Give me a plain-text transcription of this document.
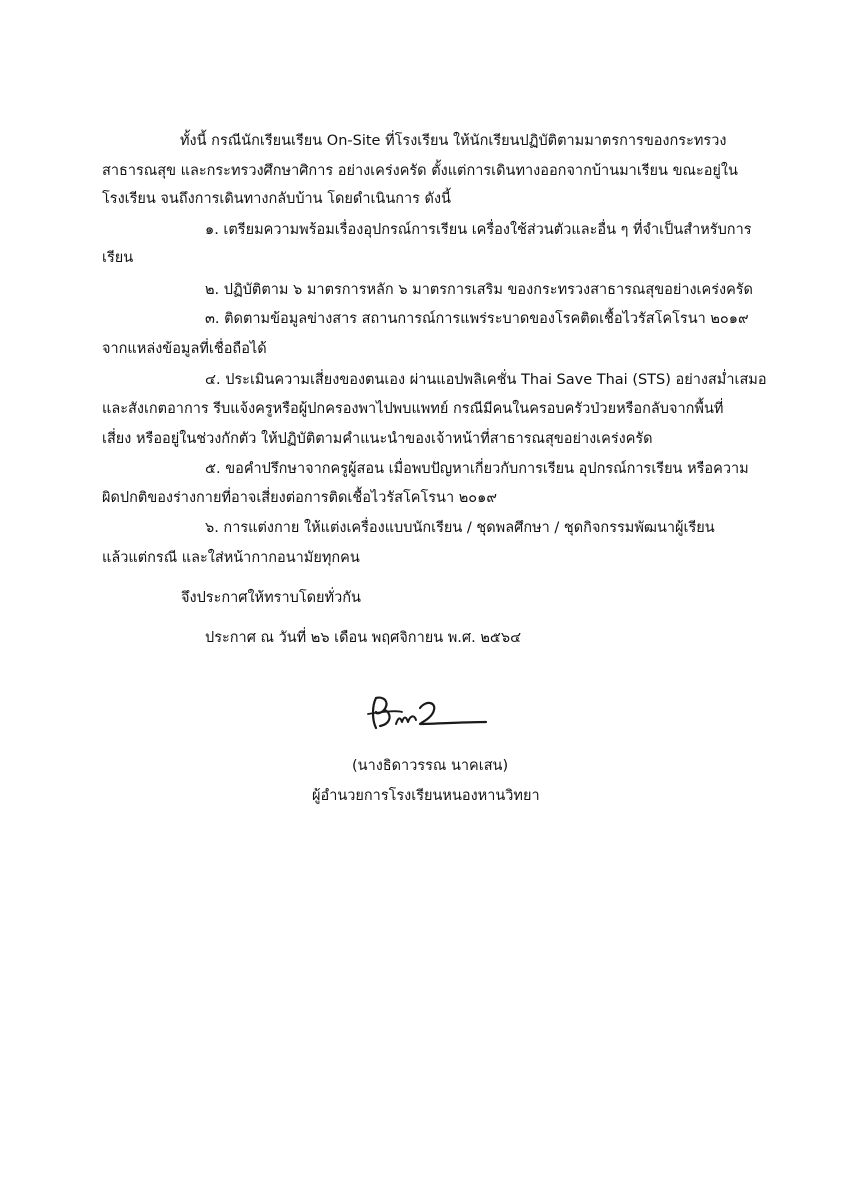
ทั้งนี้ กรณีนักเรียนเรียน On-Site ที่โรงเรียน ให้นักเรียนปฏิบัติตามมาตรการของกระทรวง
สาธารณสุข และกระทรวงศึกษาศิการ อย่างเคร่งครัด ตั้งแต่การเดินทางออกจากบ้านมาเรียน ขณะอยู่ใน
โรงเรียน จนถึงการเดินทางกลับบ้าน โดยดำเนินการ ดังนี้
๑. เตรียมความพร้อมเรื่องอุปกรณ์การเรียน เครื่องใช้ส่วนตัวและอื่น ๆ ที่จำเป็นสำหรับการ
เรียน
๒. ปฏิบัติตาม ๖ มาตรการหลัก ๖ มาตรการเสริม ของกระทรวงสาธารณสุขอย่างเคร่งครัด
๓. ติดตามข้อมูลข่างสาร สถานการณ์การแพร่ระบาดของโรคติดเชื้อไวรัสโคโรนา ๒๐๑๙
จากแหล่งข้อมูลที่เชื่อถือได้
๔. ประเมินความเสี่ยงของตนเอง ผ่านแอปพลิเคชั่น Thai Save Thai (STS) อย่างสม่ำเสมอ
และสังเกตอาการ รีบแจ้งครูหรือผู้ปกครองพาไปพบแพทย์ กรณีมีคนในครอบครัวป่วยหรือกลับจากพื้นที่
เสี่ยง หรืออยู่ในช่วงกักตัว ให้ปฏิบัติตามคำแนะนำของเจ้าหน้าที่สาธารณสุขอย่างเคร่งครัด
๕. ขอคำปรึกษาจากครูผู้สอน เมื่อพบปัญหาเกี่ยวกับการเรียน อุปกรณ์การเรียน หรือความ
ผิดปกติของร่างกายที่อาจเสี่ยงต่อการติดเชื้อไวรัสโคโรนา ๒๐๑๙
๖. การแต่งกาย ให้แต่งเครื่องแบบนักเรียน / ชุดพลศึกษา / ชุดกิจกรรมพัฒนาผู้เรียน
แล้วแต่กรณี และใส่หน้ากากอนามัยทุกคน
จึงประกาศให้ทราบโดยทั่วกัน
ประกาศ ณ วันที่ ๒๖ เดือน พฤศจิกายน พ.ศ. ๒๕๖๔
(นางธิดาวรรณ นาคเสน)
ผู้อำนวยการโรงเรียนหนองหานวิทยา
